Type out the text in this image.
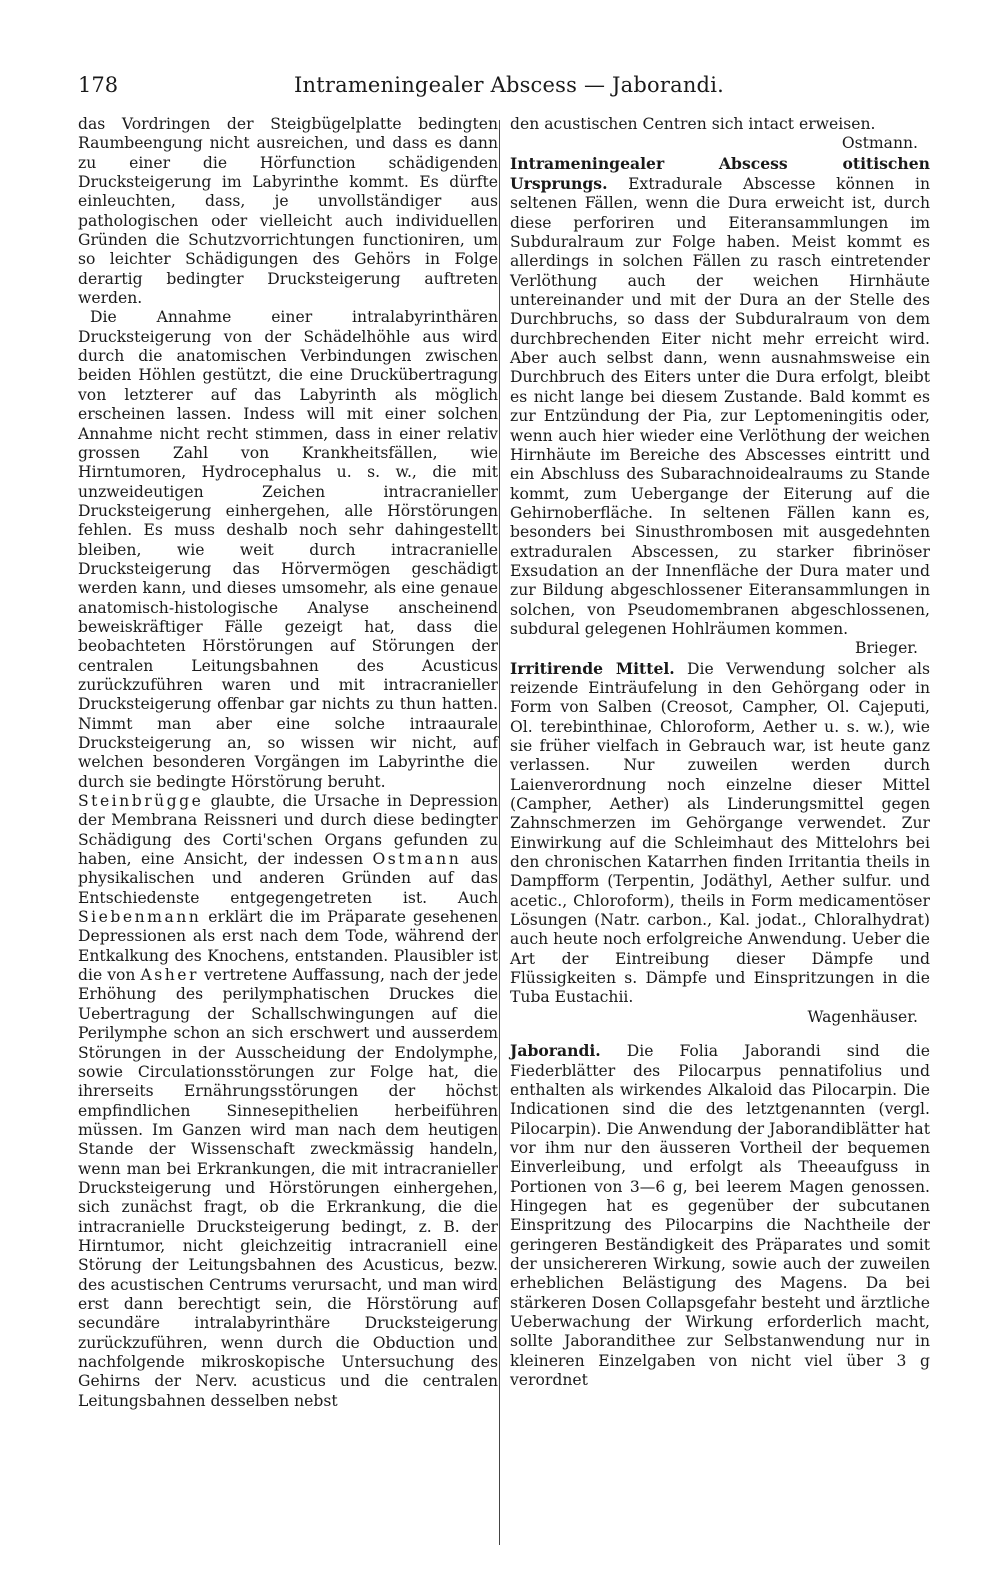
178	Intrameningealer Abscess — Jaborandi.

das Vordringen der Steigbügelplatte bedingten Raumbeengung nicht ausreichen, und dass es dann zu einer die Hörfunction schädigenden Drucksteigerung im Labyrinthe kommt. Es dürfte einleuchten, dass, je unvollständiger aus pathologischen oder vielleicht auch individuellen Gründen die Schutzvorrichtungen functioniren, um so leichter Schädigungen des Gehörs in Folge derartig bedingter Drucksteigerung auftreten werden.

Die Annahme einer intralabyrinthären Drucksteigerung von der Schädelhöhle aus wird durch die anatomischen Verbindungen zwischen beiden Höhlen gestützt, die eine Druckübertragung von letzterer auf das Labyrinth als möglich erscheinen lassen. Indess will mit einer solchen Annahme nicht recht stimmen, dass in einer relativ grossen Zahl von Krankheitsfällen, wie Hirntumoren, Hydrocephalus u. s. w., die mit unzweideutigen Zeichen intracranieller Drucksteigerung einhergehen, alle Hörstörungen fehlen. Es muss deshalb noch sehr dahingestellt bleiben, wie weit durch intracranielle Drucksteigerung das Hörvermögen geschädigt werden kann, und dieses umsomehr, als eine genaue anatomisch-histologische Analyse anscheinend beweiskräftiger Fälle gezeigt hat, dass die beobachteten Hörstörungen auf Störungen der centralen Leitungsbahnen des Acusticus zurückzuführen waren und mit intracranieller Drucksteigerung offenbar gar nichts zu thun hatten. Nimmt man aber eine solche intraaurale Drucksteigerung an, so wissen wir nicht, auf welchen besonderen Vorgängen im Labyrinthe die durch sie bedingte Hörstörung beruht.

Steinbrügge glaubte, die Ursache in Depression der Membrana Reissneri und durch diese bedingter Schädigung des Corti'schen Organs gefunden zu haben, eine Ansicht, der indessen Ostmann aus physikalischen und anderen Gründen auf das Entschiedenste entgegengetreten ist. Auch Siebenmann erklärt die im Präparate gesehenen Depressionen als erst nach dem Tode, während der Entkalkung des Knochens, entstanden. Plausibler ist die von Asher vertretene Auffassung, nach der jede Erhöhung des perilymphatischen Druckes die Uebertragung der Schallschwingungen auf die Perilymphe schon an sich erschwert und ausserdem Störungen in der Ausscheidung der Endolymphe, sowie Circulationsstörungen zur Folge hat, die ihrerseits Ernährungsstörungen der höchst empfindlichen Sinnesepithelien herbeiführen müssen. Im Ganzen wird man nach dem heutigen Stande der Wissenschaft zweckmässig handeln, wenn man bei Erkrankungen, die mit intracranieller Drucksteigerung und Hörstörungen einhergehen, sich zunächst fragt, ob die Erkrankung, die die intracranielle Drucksteigerung bedingt, z. B. der Hirntumor, nicht gleichzeitig intracraniell eine Störung der Leitungsbahnen des Acusticus, bezw. des acustischen Centrums verursacht, und man wird erst dann berechtigt sein, die Hörstörung auf secundäre intralabyrinthäre Drucksteigerung zurückzuführen, wenn durch die Obduction und nachfolgende mikroskopische Untersuchung des Gehirns der Nerv. acusticus und die centralen Leitungsbahnen desselben nebst

den acustischen Centren sich intact erweisen.

Ostmann.

Intrameningealer Abscess otitischen Ursprungs. Extradurale Abscesse können in seltenen Fällen, wenn die Dura erweicht ist, durch diese perforiren und Eiteransammlungen im Subduralraum zur Folge haben. Meist kommt es allerdings in solchen Fällen zu rasch eintretender Verlöthung auch der weichen Hirnhäute untereinander und mit der Dura an der Stelle des Durchbruchs, so dass der Subduralraum von dem durchbrechenden Eiter nicht mehr erreicht wird. Aber auch selbst dann, wenn ausnahmsweise ein Durchbruch des Eiters unter die Dura erfolgt, bleibt es nicht lange bei diesem Zustande. Bald kommt es zur Entzündung der Pia, zur Leptomeningitis oder, wenn auch hier wieder eine Verlöthung der weichen Hirnhäute im Bereiche des Abscesses eintritt und ein Abschluss des Subarachnoidealraums zu Stande kommt, zum Uebergange der Eiterung auf die Gehirnoberfläche. In seltenen Fällen kann es, besonders bei Sinusthrombosen mit ausgedehnten extraduralen Abscessen, zu starker fibrinöser Exsudation an der Innenfläche der Dura mater und zur Bildung abgeschlossener Eiteransammlungen in solchen, von Pseudomembranen abgeschlossenen, subdural gelegenen Hohlräumen kommen.

Brieger.

Irritirende Mittel. Die Verwendung solcher als reizende Einträufelung in den Gehörgang oder in Form von Salben (Creosot, Campher, Ol. Cajeputi, Ol. terebinthinae, Chloroform, Aether u. s. w.), wie sie früher vielfach in Gebrauch war, ist heute ganz verlassen. Nur zuweilen werden durch Laienverordnung noch einzelne dieser Mittel (Campher, Aether) als Linderungsmittel gegen Zahnschmerzen im Gehörgange verwendet. Zur Einwirkung auf die Schleimhaut des Mittelohrs bei den chronischen Katarrhen finden Irritantia theils in Dampfform (Terpentin, Jodäthyl, Aether sulfur. und acetic., Chloroform), theils in Form medicamentöser Lösungen (Natr. carbon., Kal. jodat., Chloralhydrat) auch heute noch erfolgreiche Anwendung. Ueber die Art der Eintreibung dieser Dämpfe und Flüssigkeiten s. Dämpfe und Einspritzungen in die Tuba Eustachii.

Wagenhäuser.

Jaborandi. Die Folia Jaborandi sind die Fiederblätter des Pilocarpus pennatifolius und enthalten als wirkendes Alkaloid das Pilocarpin. Die Indicationen sind die des letztgenannten (vergl. Pilocarpin). Die Anwendung der Jaborandiblätter hat vor ihm nur den äusseren Vortheil der bequemen Einverleibung, und erfolgt als Theeaufguss in Portionen von 3—6 g, bei leerem Magen genossen. Hingegen hat es gegenüber der subcutanen Einspritzung des Pilocarpins die Nachtheile der geringeren Beständigkeit des Präparates und somit der unsichereren Wirkung, sowie auch der zuweilen erheblichen Belästigung des Magens. Da bei stärkeren Dosen Collapsgefahr besteht und ärztliche Ueberwachung der Wirkung erforderlich macht, sollte Jaboranditheе zur Selbstanwendung nur in kleineren Einzelgaben von nicht viel über 3 g verordnet
